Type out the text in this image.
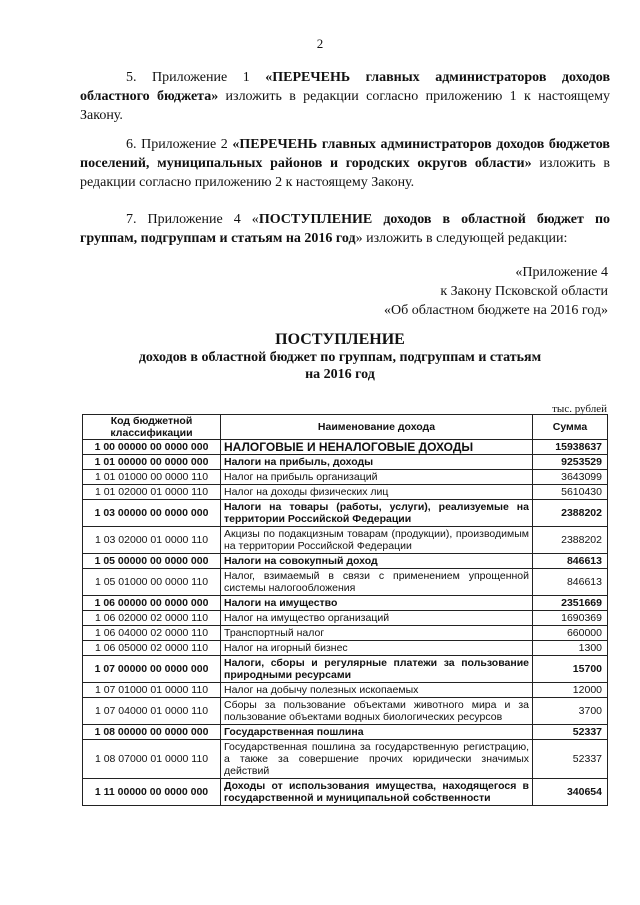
2
5. Приложение 1 «ПЕРЕЧЕНЬ главных администраторов доходов областного бюджета» изложить в редакции согласно приложению 1 к настоящему Закону.
6. Приложение 2 «ПЕРЕЧЕНЬ главных администраторов доходов бюджетов поселений, муниципальных районов и городских округов области» изложить в редакции согласно приложению 2 к настоящему Закону.
7. Приложение 4 «ПОСТУПЛЕНИЕ доходов в областной бюджет по группам, подгруппам и статьям на 2016 год» изложить в следующей редакции:
«Приложение 4
к Закону Псковской области
«Об областном бюджете на 2016 год»
ПОСТУПЛЕНИЕ
доходов в областной бюджет по группам, подгруппам и статьям
на 2016 год
тыс. рублей
Код бюджетной классификации	Наименование дохода	Сумма
1 00 00000 00 0000 000	НАЛОГОВЫЕ И НЕНАЛОГОВЫЕ ДОХОДЫ	15938637
1 01 00000 00 0000 000	Налоги на прибыль, доходы	9253529
1 01 01000 00 0000 110	Налог на прибыль организаций	3643099
1 01 02000 01 0000 110	Налог на доходы физических лиц	5610430
1 03 00000 00 0000 000	Налоги на товары (работы, услуги), реализуемые на территории Российской Федерации	2388202
1 03 02000 01 0000 110	Акцизы по подакцизным товарам (продукции), производимым на территории Российской Федерации	2388202
1 05 00000 00 0000 000	Налоги на совокупный доход	846613
1 05 01000 00 0000 110	Налог, взимаемый в связи с применением упрощенной системы налогообложения	846613
1 06 00000 00 0000 000	Налоги на имущество	2351669
1 06 02000 02 0000 110	Налог на имущество организаций	1690369
1 06 04000 02 0000 110	Транспортный налог	660000
1 06 05000 02 0000 110	Налог на игорный бизнес	1300
1 07 00000 00 0000 000	Налоги, сборы и регулярные платежи за пользование природными ресурсами	15700
1 07 01000 01 0000 110	Налог на добычу полезных ископаемых	12000
1 07 04000 01 0000 110	Сборы за пользование объектами животного мира и за пользование объектами водных биологических ресурсов	3700
1 08 00000 00 0000 000	Государственная пошлина	52337
1 08 07000 01 0000 110	Государственная пошлина за государственную регистрацию, а также за совершение прочих юридически значимых действий	52337
1 11 00000 00 0000 000	Доходы от использования имущества, находящегося в государственной и муниципальной собственности	340654
